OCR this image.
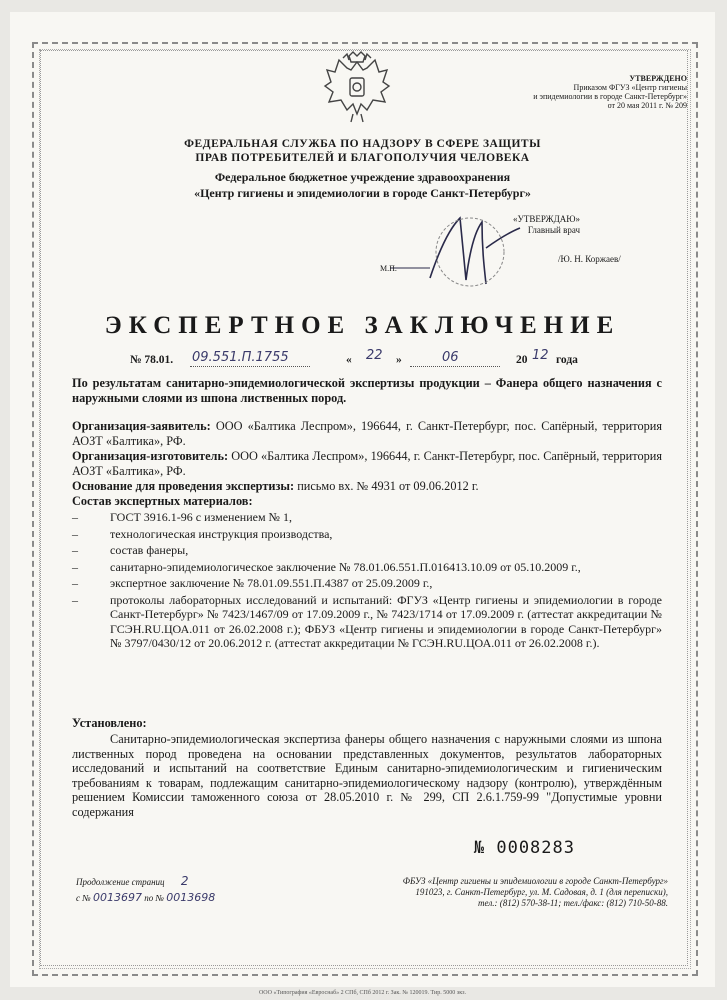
УТВЕРЖДЕНО
Приказом ФГУЗ «Центр гигиены
и эпидемиологии в городе Санкт-Петербург»
от 20 мая 2011 г. № 209
ФЕДЕРАЛЬНАЯ СЛУЖБА ПО НАДЗОРУ В СФЕРЕ ЗАЩИТЫ
ПРАВ ПОТРЕБИТЕЛЕЙ И БЛАГОПОЛУЧИЯ ЧЕЛОВЕКА
Федеральное бюджетное учреждение здравоохранения
«Центр гигиены и эпидемиологии в городе Санкт-Петербург»
«УТВЕРЖДАЮ»
Главный врач
М.П.
/Ю. Н. Коржаев/
ЭКСПЕРТНОЕ ЗАКЛЮЧЕНИЕ
№ 78.01. 09.551.П.1755	« 22 »	06	20 12 года
По результатам санитарно-эпидемиологической экспертизы продукции – Фанера общего назначения с наружными слоями из шпона лиственных пород.

Организация-заявитель: ООО «Балтика Леспром», 196644, г. Санкт-Петербург, пос. Сапёрный, территория АОЗТ «Балтика», РФ.

Организация-изготовитель: ООО «Балтика Леспром», 196644, г. Санкт-Петербург, пос. Сапёрный, территория АОЗТ «Балтика», РФ.

Основание для проведения экспертизы: письмо вх. № 4931 от 09.06.2012 г.

Состав экспертных материалов:
–	ГОСТ 3916.1-96 с изменением № 1,
–	технологическая инструкция производства,
–	состав фанеры,
–	санитарно-эпидемиологическое заключение № 78.01.06.551.П.016413.10.09 от 05.10.2009 г.,
–	экспертное заключение № 78.01.09.551.П.4387 от 25.09.2009 г.,
–	протоколы лабораторных исследований и испытаний: ФГУЗ «Центр гигиены и эпидемиологии в городе Санкт-Петербург» № 7423/1467/09 от 17.09.2009 г., № 7423/1714 от 17.09.2009 г. (аттестат аккредитации № ГСЭН.RU.ЦОА.011 от 26.02.2008 г.); ФБУЗ «Центр гигиены и эпидемиологии в городе Санкт-Петербург» № 3797/0430/12 от 20.06.2012 г. (аттестат аккредитации № ГСЭН.RU.ЦОА.011 от 26.02.2008 г.).
Установлено:
Санитарно-эпидемиологическая экспертиза фанеры общего назначения с наружными слоями из шпона лиственных пород проведена на основании представленных документов, результатов лабораторных исследований и испытаний на соответствие Единым санитарно-эпидемиологическим и гигиеническим требованиям к товарам, подлежащим санитарно-эпидемиологическому надзору (контролю), утверждённым решением Комиссии таможенного союза от 28.05.2010 г. № 299, СП 2.6.1.759-99 "Допустимые уровни содержания
№ 0008283
Продолжение страниц 2
с № 0013697 по № 0013698
ФБУЗ «Центр гигиены и эпидемиологии в городе Санкт-Петербург»
191023, г. Санкт-Петербург, ул. М. Садовая, д. 1 (для переписки),
тел.: (812) 570-38-11; тел./факс: (812) 710-50-88.
ООО «Типография «Евроснаб» 2 СПб, СПб 2012 г. Зак. № 120019. Тир. 5000 экз.
